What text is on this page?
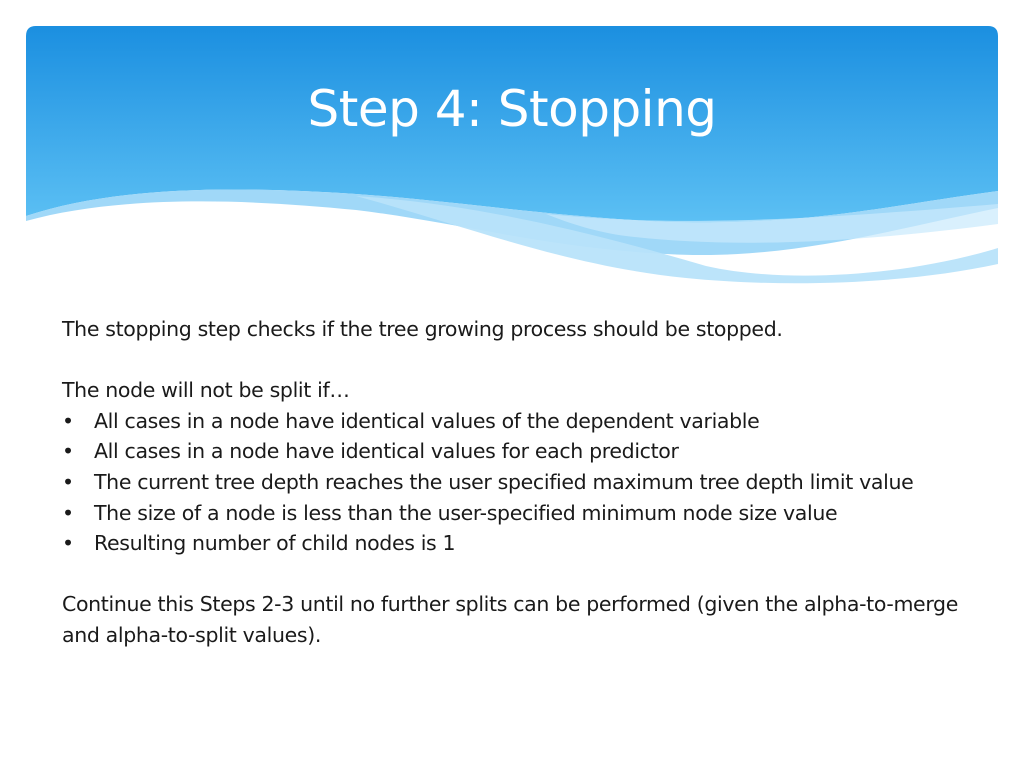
Step 4: Stopping

The stopping step checks if the tree growing process should be stopped.

The node will not be split if…

• All cases in a node have identical values of the dependent variable
• All cases in a node have identical values for each predictor
• The current tree depth reaches the user specified maximum tree depth limit value
• The size of a node is less than the user-specified minimum node size value
• Resulting number of child nodes is 1

Continue this Steps 2-3 until no further splits can be performed (given the alpha-to-merge and alpha-to-split values).
